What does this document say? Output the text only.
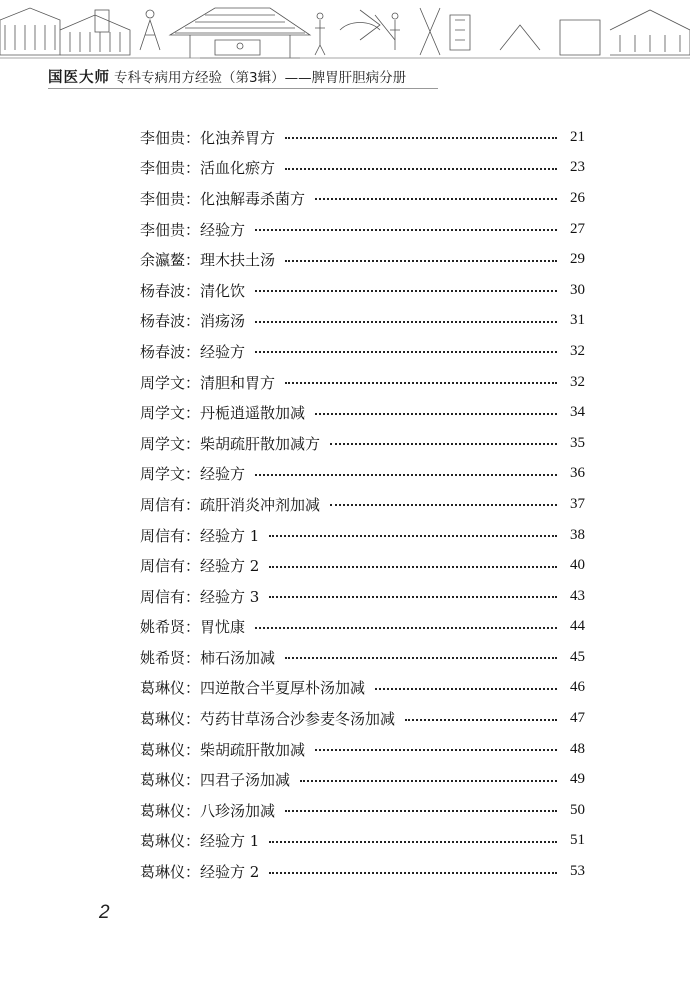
国医大师 专科专病用方经验（第3辑）——脾胃肝胆病分册
李佃贵 ： 化浊养胃方	21
李佃贵 ： 活血化瘀方	23
李佃贵 ： 化浊解毒杀菌方	26
李佃贵 ： 经验方	27
余瀛鳌 ： 理木扶土汤	29
杨春波 ： 清化饮	30
杨春波 ： 消疡汤	31
杨春波 ： 经验方	32
周学文 ： 清胆和胃方	32
周学文 ： 丹栀逍遥散加减	34
周学文 ： 柴胡疏肝散加减方	35
周学文 ： 经验方	36
周信有 ： 疏肝消炎冲剂加减	37
周信有 ： 经验方 1	38
周信有 ： 经验方 2	40
周信有 ： 经验方 3	43
姚希贤 ： 胃忧康	44
姚希贤 ： 柿石汤加减	45
葛琳仪 ： 四逆散合半夏厚朴汤加减	46
葛琳仪 ： 芍药甘草汤合沙参麦冬汤加减	47
葛琳仪 ： 柴胡疏肝散加减	48
葛琳仪 ： 四君子汤加减	49
葛琳仪 ： 八珍汤加减	50
葛琳仪 ： 经验方 1	51
葛琳仪 ： 经验方 2	53
2
